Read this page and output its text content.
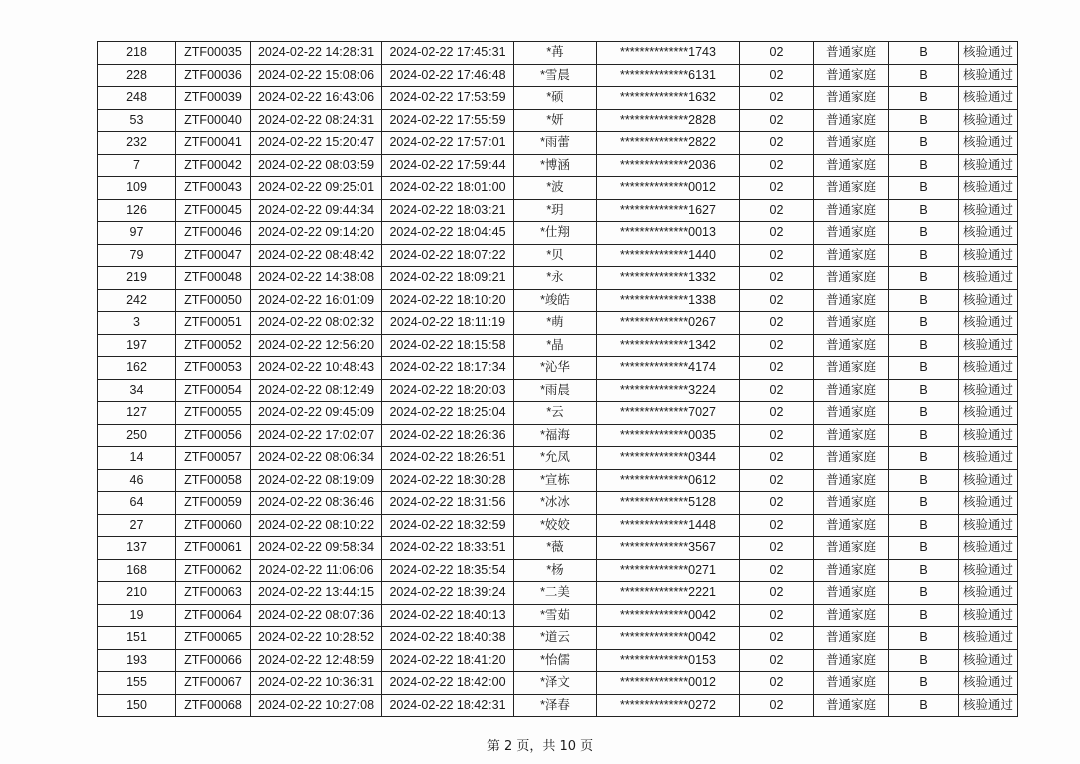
218	ZTF00035	2024-02-22 14:28:31	2024-02-22 17:45:31	*苒	**************1743	02	普通家庭	B	核验通过
228	ZTF00036	2024-02-22 15:08:06	2024-02-22 17:46:48	*雪晨	**************6131	02	普通家庭	B	核验通过
248	ZTF00039	2024-02-22 16:43:06	2024-02-22 17:53:59	*硕	**************1632	02	普通家庭	B	核验通过
53	ZTF00040	2024-02-22 08:24:31	2024-02-22 17:55:59	*妍	**************2828	02	普通家庭	B	核验通过
232	ZTF00041	2024-02-22 15:20:47	2024-02-22 17:57:01	*雨蕾	**************2822	02	普通家庭	B	核验通过
7	ZTF00042	2024-02-22 08:03:59	2024-02-22 17:59:44	*博涵	**************2036	02	普通家庭	B	核验通过
109	ZTF00043	2024-02-22 09:25:01	2024-02-22 18:01:00	*波	**************0012	02	普通家庭	B	核验通过
126	ZTF00045	2024-02-22 09:44:34	2024-02-22 18:03:21	*玥	**************1627	02	普通家庭	B	核验通过
97	ZTF00046	2024-02-22 09:14:20	2024-02-22 18:04:45	*仕翔	**************0013	02	普通家庭	B	核验通过
79	ZTF00047	2024-02-22 08:48:42	2024-02-22 18:07:22	*贝	**************1440	02	普通家庭	B	核验通过
219	ZTF00048	2024-02-22 14:38:08	2024-02-22 18:09:21	*永	**************1332	02	普通家庭	B	核验通过
242	ZTF00050	2024-02-22 16:01:09	2024-02-22 18:10:20	*竣皓	**************1338	02	普通家庭	B	核验通过
3	ZTF00051	2024-02-22 08:02:32	2024-02-22 18:11:19	*萌	**************0267	02	普通家庭	B	核验通过
197	ZTF00052	2024-02-22 12:56:20	2024-02-22 18:15:58	*晶	**************1342	02	普通家庭	B	核验通过
162	ZTF00053	2024-02-22 10:48:43	2024-02-22 18:17:34	*沁华	**************4174	02	普通家庭	B	核验通过
34	ZTF00054	2024-02-22 08:12:49	2024-02-22 18:20:03	*雨晨	**************3224	02	普通家庭	B	核验通过
127	ZTF00055	2024-02-22 09:45:09	2024-02-22 18:25:04	*云	**************7027	02	普通家庭	B	核验通过
250	ZTF00056	2024-02-22 17:02:07	2024-02-22 18:26:36	*福海	**************0035	02	普通家庭	B	核验通过
14	ZTF00057	2024-02-22 08:06:34	2024-02-22 18:26:51	*允凤	**************0344	02	普通家庭	B	核验通过
46	ZTF00058	2024-02-22 08:19:09	2024-02-22 18:30:28	*宣栋	**************0612	02	普通家庭	B	核验通过
64	ZTF00059	2024-02-22 08:36:46	2024-02-22 18:31:56	*冰冰	**************5128	02	普通家庭	B	核验通过
27	ZTF00060	2024-02-22 08:10:22	2024-02-22 18:32:59	*姣姣	**************1448	02	普通家庭	B	核验通过
137	ZTF00061	2024-02-22 09:58:34	2024-02-22 18:33:51	*薇	**************3567	02	普通家庭	B	核验通过
168	ZTF00062	2024-02-22 11:06:06	2024-02-22 18:35:54	*杨	**************0271	02	普通家庭	B	核验通过
210	ZTF00063	2024-02-22 13:44:15	2024-02-22 18:39:24	*二美	**************2221	02	普通家庭	B	核验通过
19	ZTF00064	2024-02-22 08:07:36	2024-02-22 18:40:13	*雪茹	**************0042	02	普通家庭	B	核验通过
151	ZTF00065	2024-02-22 10:28:52	2024-02-22 18:40:38	*道云	**************0042	02	普通家庭	B	核验通过
193	ZTF00066	2024-02-22 12:48:59	2024-02-22 18:41:20	*怡儒	**************0153	02	普通家庭	B	核验通过
155	ZTF00067	2024-02-22 10:36:31	2024-02-22 18:42:00	*泽文	**************0012	02	普通家庭	B	核验通过
150	ZTF00068	2024-02-22 10:27:08	2024-02-22 18:42:31	*泽春	**************0272	02	普通家庭	B	核验通过
第 2 页，共 10 页
